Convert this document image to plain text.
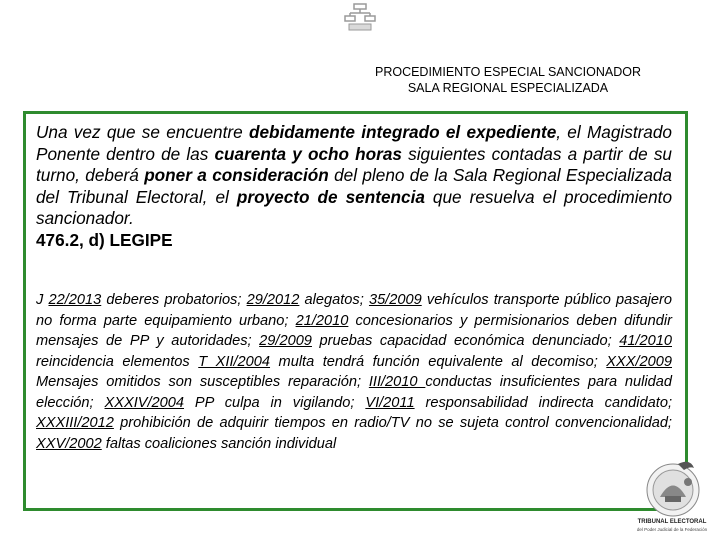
PROCEDIMIENTO ESPECIAL SANCIONADOR
SALA REGIONAL ESPECIALIZADA
Una vez que se encuentre debidamente integrado el expediente, el Magistrado Ponente dentro de las cuarenta y ocho horas siguientes contadas a partir de su turno, deberá poner a consideración del pleno de la Sala Regional Especializada del Tribunal Electoral, el proyecto de sentencia que resuelva el procedimiento sancionador.
476.2, d) LEGIPE
J 22/2013 deberes probatorios; 29/2012 alegatos; 35/2009 vehículos transporte público pasajero no forma parte equipamiento urbano; 21/2010 concesionarios y permisionarios deben difundir mensajes de PP y autoridades; 29/2009 pruebas capacidad económica denunciado; 41/2010 reincidencia elementos T XII/2004 multa tendrá función equivalente al decomiso; XXX/2009 Mensajes omitidos son susceptibles reparación; III/2010 conductas insuficientes para nulidad elección; XXXIV/2004 PP culpa in vigilando; VI/2011 responsabilidad indirecta candidato; XXXIII/2012 prohibición de adquirir tiempos en radio/TV no se sujeta control convencionalidad; XXV/2002 faltas coaliciones sanción individual
TRIBUNAL ELECTORAL
del Poder Judicial de la Federación
